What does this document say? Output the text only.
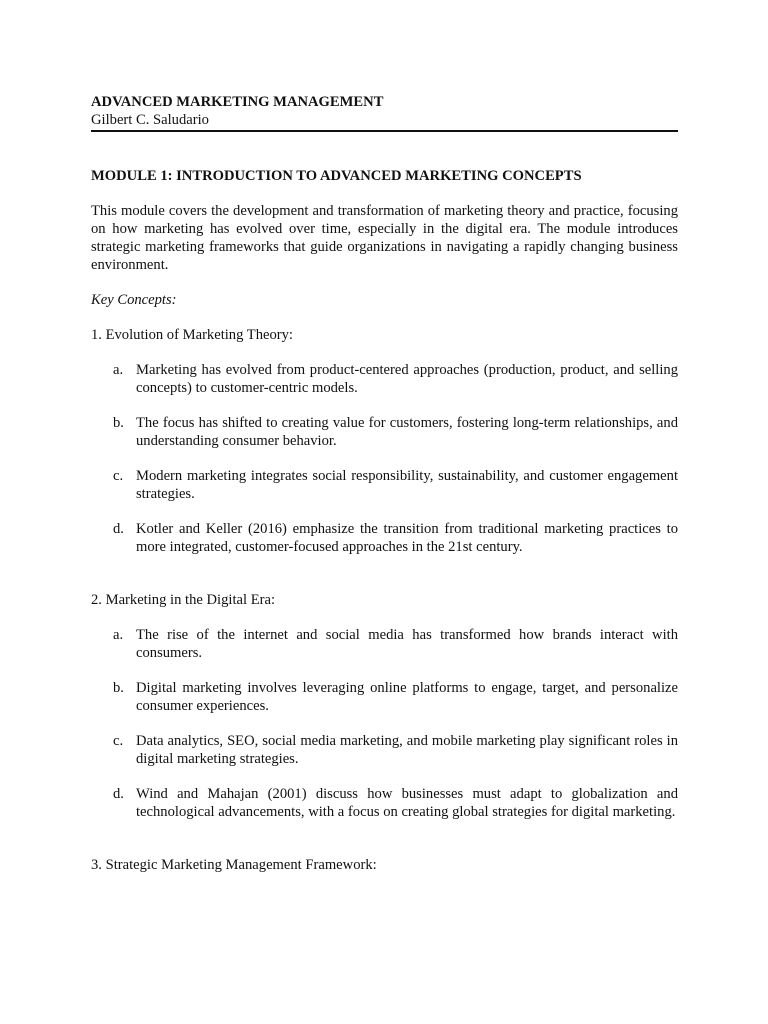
ADVANCED MARKETING MANAGEMENT

Gilbert C. Saludario

MODULE 1: INTRODUCTION TO ADVANCED MARKETING CONCEPTS

This module covers the development and transformation of marketing theory and practice, focusing on how marketing has evolved over time, especially in the digital era. The module introduces strategic marketing frameworks that guide organizations in navigating a rapidly changing business environment.

Key Concepts:

1. Evolution of Marketing Theory:

a. Marketing has evolved from product-centered approaches (production, product, and selling concepts) to customer-centric models.
b. The focus has shifted to creating value for customers, fostering long-term relationships, and understanding consumer behavior.
c. Modern marketing integrates social responsibility, sustainability, and customer engagement strategies.
d. Kotler and Keller (2016) emphasize the transition from traditional marketing practices to more integrated, customer-focused approaches in the 21st century.

2. Marketing in the Digital Era:

a. The rise of the internet and social media has transformed how brands interact with consumers.
b. Digital marketing involves leveraging online platforms to engage, target, and personalize consumer experiences.
c. Data analytics, SEO, social media marketing, and mobile marketing play significant roles in digital marketing strategies.
d. Wind and Mahajan (2001) discuss how businesses must adapt to globalization and technological advancements, with a focus on creating global strategies for digital marketing.

3. Strategic Marketing Management Framework:
